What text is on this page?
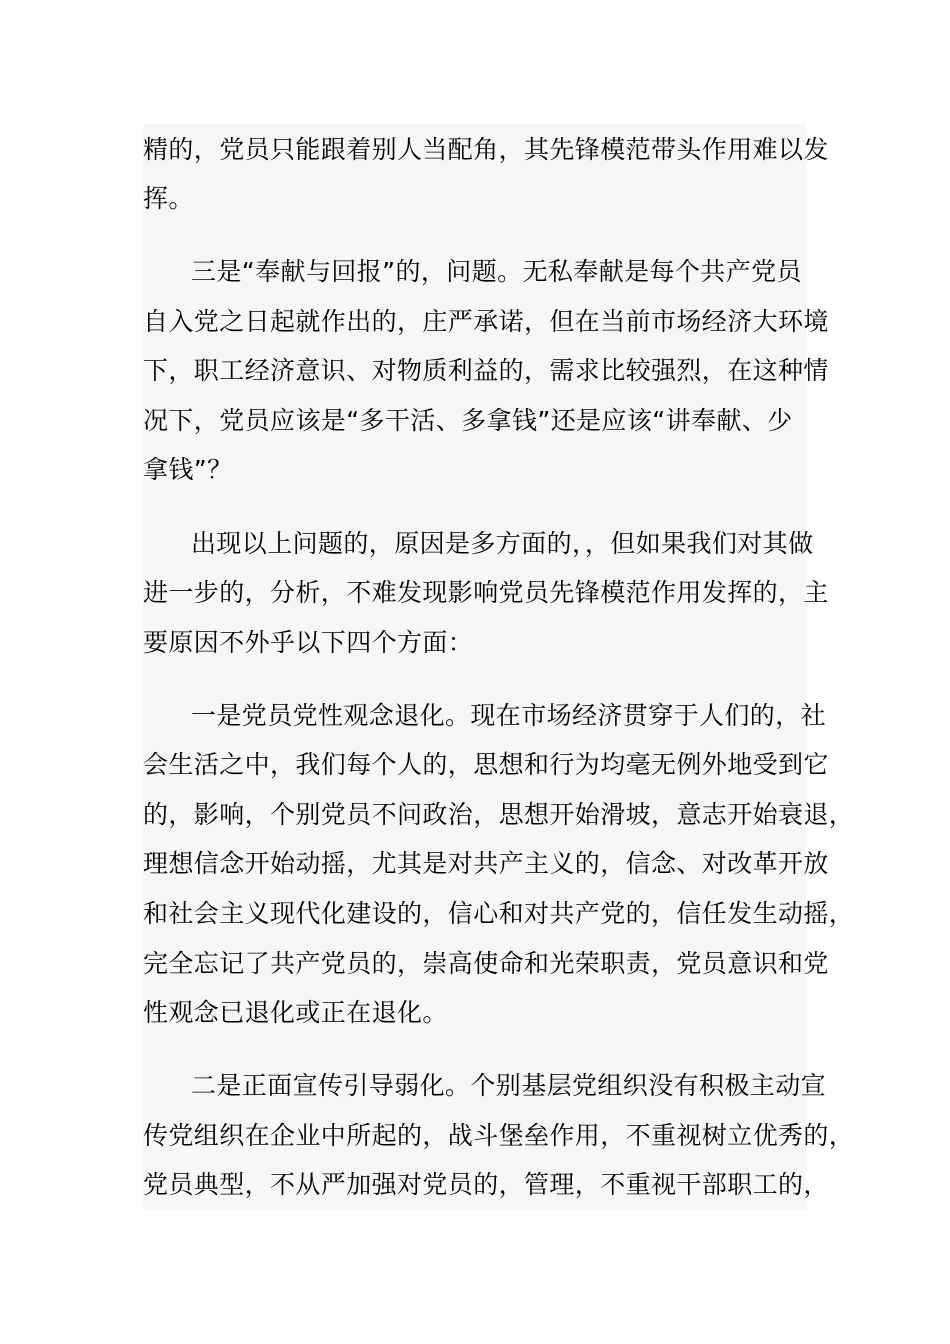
精的，党员只能跟着别人当配角，其先锋模范带头作用难以发
挥。
三是“奉献与回报”的，问题。无私奉献是每个共产党员
自入党之日起就作出的，庄严承诺，但在当前市场经济大环境
下，职工经济意识、对物质利益的，需求比较强烈，在这种情
况下，党员应该是“多干活、多拿钱”还是应该“讲奉献、少
拿钱”？
出现以上问题的，原因是多方面的，，但如果我们对其做
进一步的，分析，不难发现影响党员先锋模范作用发挥的，主
要原因不外乎以下四个方面：
一是党员党性观念退化。现在市场经济贯穿于人们的，社
会生活之中，我们每个人的，思想和行为均毫无例外地受到它
的，影响，个别党员不问政治，思想开始滑坡，意志开始衰退，
理想信念开始动摇，尤其是对共产主义的，信念、对改革开放
和社会主义现代化建设的，信心和对共产党的，信任发生动摇，
完全忘记了共产党员的，崇高使命和光荣职责，党员意识和党
性观念已退化或正在退化。
二是正面宣传引导弱化。个别基层党组织没有积极主动宣
传党组织在企业中所起的，战斗堡垒作用，不重视树立优秀的，
党员典型，不从严加强对党员的，管理，不重视干部职工的，
